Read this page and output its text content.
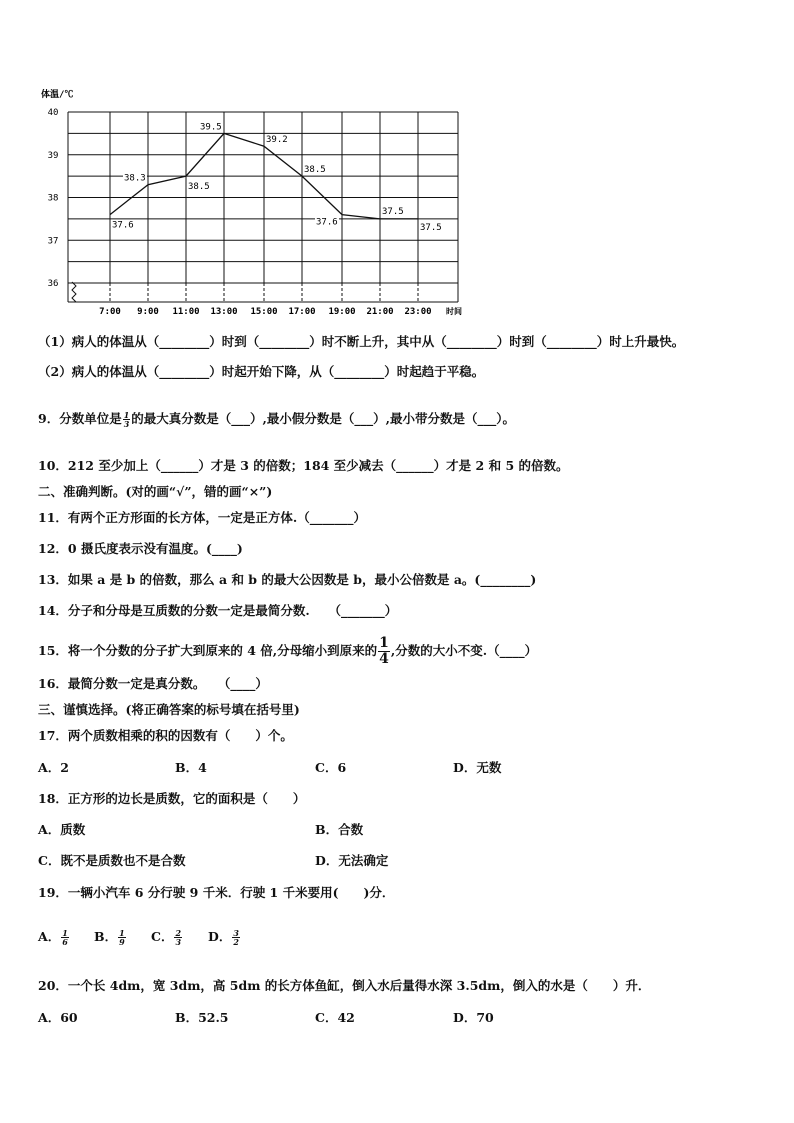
体温/℃
40
39
38
37
36
7:00 9:00 11:00 13:00 15:00 17:00 19:00 21:00 23:00
37.6
38.3
38.5
39.5
39.2
38.5
37.6
37.5
37.5
时间
（1）病人的体温从（________）时到（________）时不断上升，其中从（________）时到（________）时上升最快。
（2）病人的体温从（________）时起开始下降，从（________）时起趋于平稳。
9．分数单位是 $\frac{1}{3}$ 的最大真分数是（___）,最小假分数是（___）,最小带分数是（___）。
10．212 至少加上（______）才是 3 的倍数；184 至少减去（______）才是 2 和 5 的倍数。
二、准确判断。(对的画“√”，错的画“×”)
11．有两个正方形面的长方体，一定是正方体.（_______）
12．0 摄氏度表示没有温度。(____)
13．如果 a 是 b 的倍数，那么 a 和 b 的最大公因数是 b，最小公倍数是 a。(________)
14．分子和分母是互质数的分数一定是最简分数.　　（_______）
15．将一个分数的分子扩大到原来的 4 倍,分母缩小到原来的 $\frac{1}{4}$ ,分数的大小不变.（____）
16．最简分数一定是真分数。　　（____）
三、谨慎选择。(将正确答案的标号填在括号里)
17．两个质数相乘的积的因数有（　　）个。
A．2	B．4	C．6	D．无数
18．正方形的边长是质数，它的面积是（　　）
A．质数	B．合数
C．既不是质数也不是合数	D．无法确定
19．一辆小汽车 6 分行驶 9 千米．行驶 1 千米要用(　　)分．
A． $\frac{1}{6}$ B． $\frac{1}{9}$ C． $\frac{2}{3}$ D． $\frac{3}{2}$
20．一个长 4dm，宽 3dm，高 5dm 的长方体鱼缸，倒入水后量得水深 3.5dm，倒入的水是（　　）升．
A．60	B．52.5	C．42	D．70
